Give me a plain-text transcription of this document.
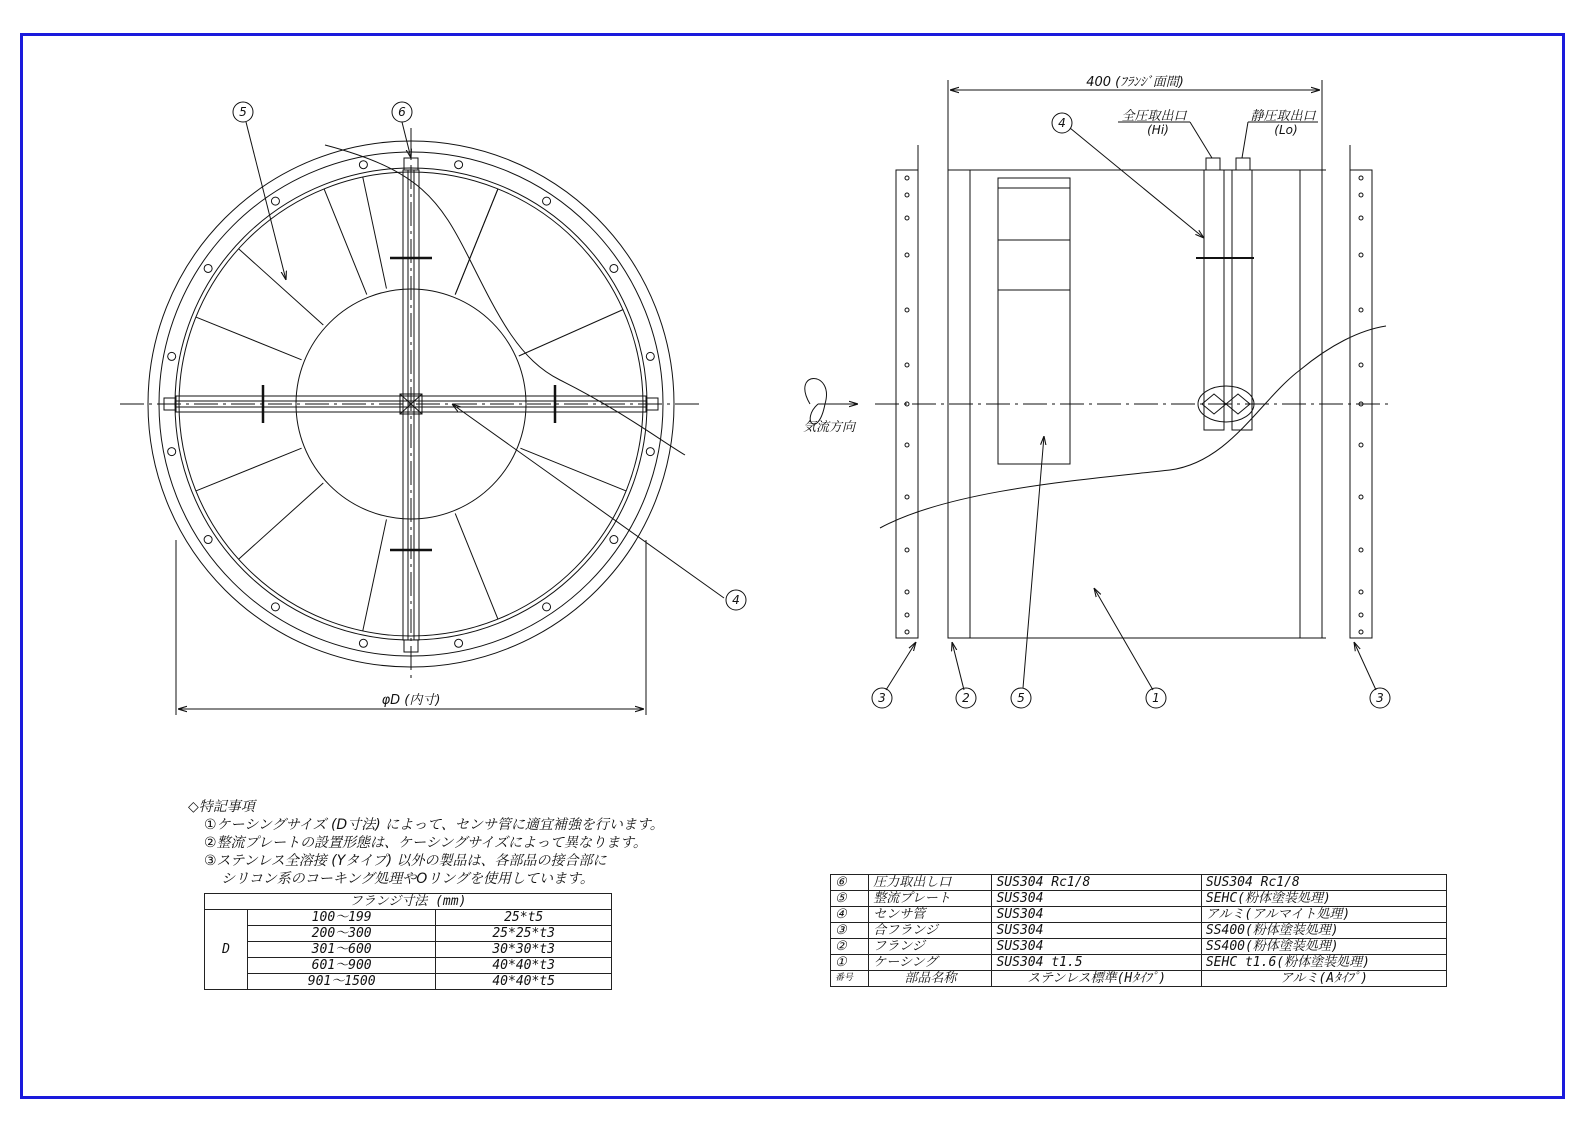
5	6
4
4
3	2	5	1	3
φD (内寸)
400 (ﾌﾗﾝｼﾞ面間)
全圧取出口
(Hi)
静圧取出口
(Lo)
気流方向
◇特記事項
①ケーシングサイズ (D寸法) によって、センサ管に適宜補強を行います。
②整流プレートの設置形態は、ケーシングサイズによって異なります。
③ステンレス全溶接 (Yタイプ) 以外の製品は、各部品の接合部に
シリコン系のコーキング処理やOリングを使用しています。
フランジ寸法 (mm)		
D	100〜199	25*t5
	200〜300	25*25*t3
	301〜600	30*30*t3
	601〜900	40*40*t3
	901〜1500	40*40*t5
⑥	圧力取出し口	SUS304 Rc1/8	SUS304 Rc1/8
⑤	整流プレート	SUS304	SEHC(粉体塗装処理)
④	センサ管	SUS304	アルミ(アルマイト処理)
③	合フランジ	SUS304	SS400(粉体塗装処理)
②	フランジ	SUS304	SS400(粉体塗装処理)
①	ケーシング	SUS304 t1.5	SEHC t1.6(粉体塗装処理)
番号	部品名称	ステンレス標準(Hﾀｲﾌﾟ)	アルミ(Aﾀｲﾌﾟ)
